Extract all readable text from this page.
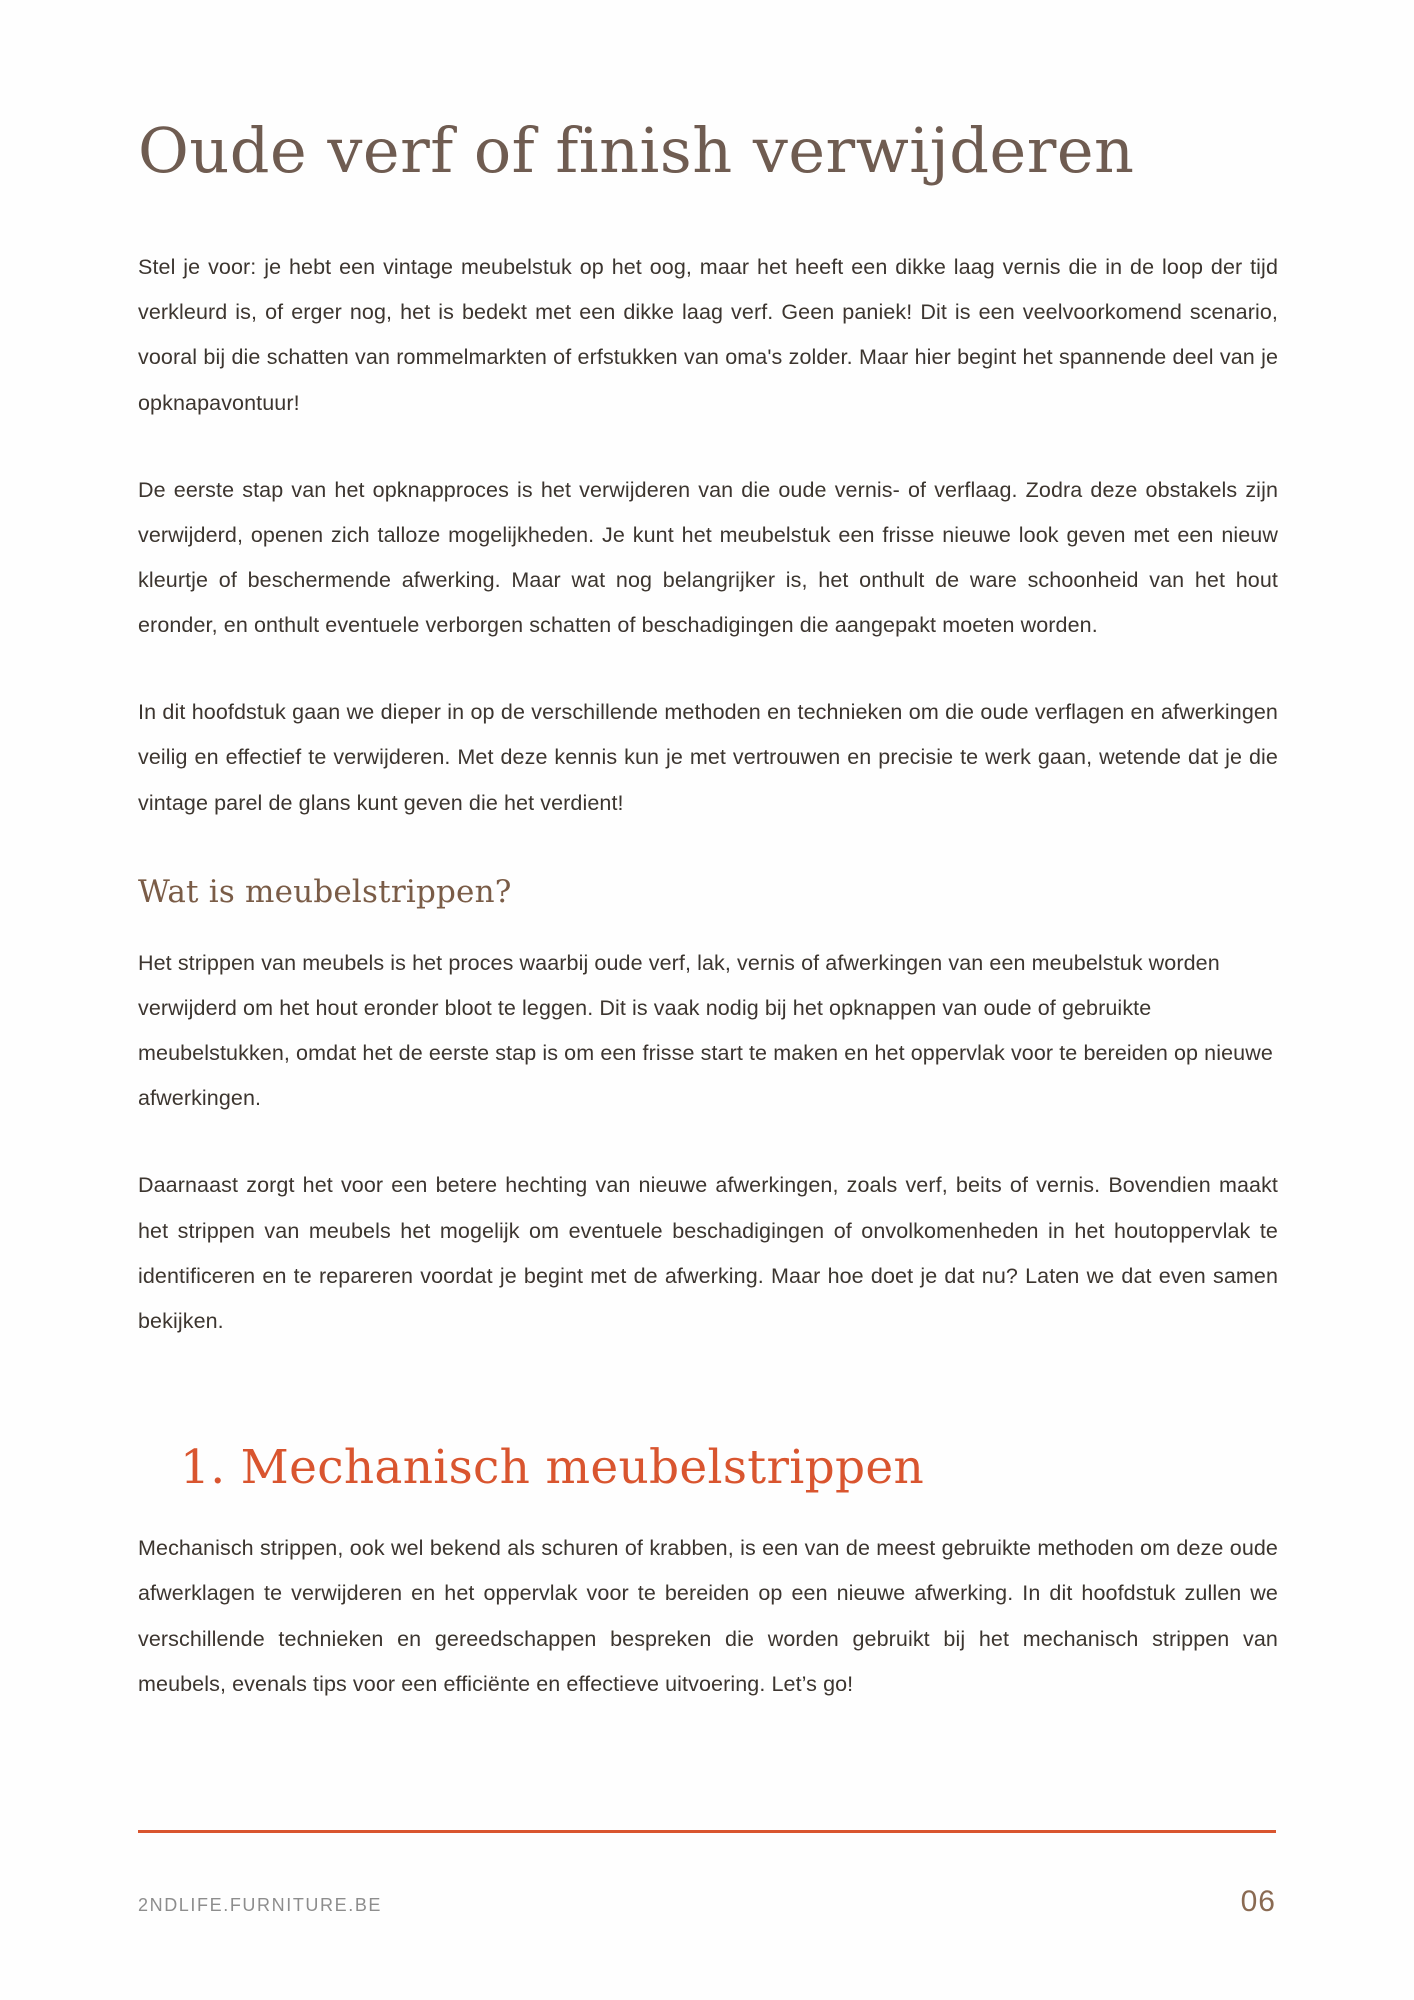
Oude verf of finish verwijderen

Stel je voor: je hebt een vintage meubelstuk op het oog, maar het heeft een dikke laag vernis die in de loop der tijd verkleurd is, of erger nog, het is bedekt met een dikke laag verf. Geen paniek! Dit is een veelvoorkomend scenario, vooral bij die schatten van rommelmarkten of erfstukken van oma's zolder. Maar hier begint het spannende deel van je opknapavontuur!

De eerste stap van het opknapproces is het verwijderen van die oude vernis- of verflaag. Zodra deze obstakels zijn verwijderd, openen zich talloze mogelijkheden. Je kunt het meubelstuk een frisse nieuwe look geven met een nieuw kleurtje of beschermende afwerking. Maar wat nog belangrijker is, het onthult de ware schoonheid van het hout eronder, en onthult eventuele verborgen schatten of beschadigingen die aangepakt moeten worden.

In dit hoofdstuk gaan we dieper in op de verschillende methoden en technieken om die oude verflagen en afwerkingen veilig en effectief te verwijderen. Met deze kennis kun je met vertrouwen en precisie te werk gaan, wetende dat je die vintage parel de glans kunt geven die het verdient!

Wat is meubelstrippen?

Het strippen van meubels is het proces waarbij oude verf, lak, vernis of afwerkingen van een meubelstuk worden verwijderd om het hout eronder bloot te leggen. Dit is vaak nodig bij het opknappen van oude of gebruikte meubelstukken, omdat het de eerste stap is om een frisse start te maken en het oppervlak voor te bereiden op nieuwe afwerkingen.

Daarnaast zorgt het voor een betere hechting van nieuwe afwerkingen, zoals verf, beits of vernis. Bovendien maakt het strippen van meubels het mogelijk om eventuele beschadigingen of onvolkomenheden in het houtoppervlak te identificeren en te repareren voordat je begint met de afwerking. Maar hoe doet je dat nu? Laten we dat even samen bekijken.

1. Mechanisch meubelstrippen

Mechanisch strippen, ook wel bekend als schuren of krabben, is een van de meest gebruikte methoden om deze oude afwerklagen te verwijderen en het oppervlak voor te bereiden op een nieuwe afwerking. In dit hoofdstuk zullen we verschillende technieken en gereedschappen bespreken die worden gebruikt bij het mechanisch strippen van meubels, evenals tips voor een efficiënte en effectieve uitvoering. Let’s go!

2NDLIFE.FURNITURE.BE	06
